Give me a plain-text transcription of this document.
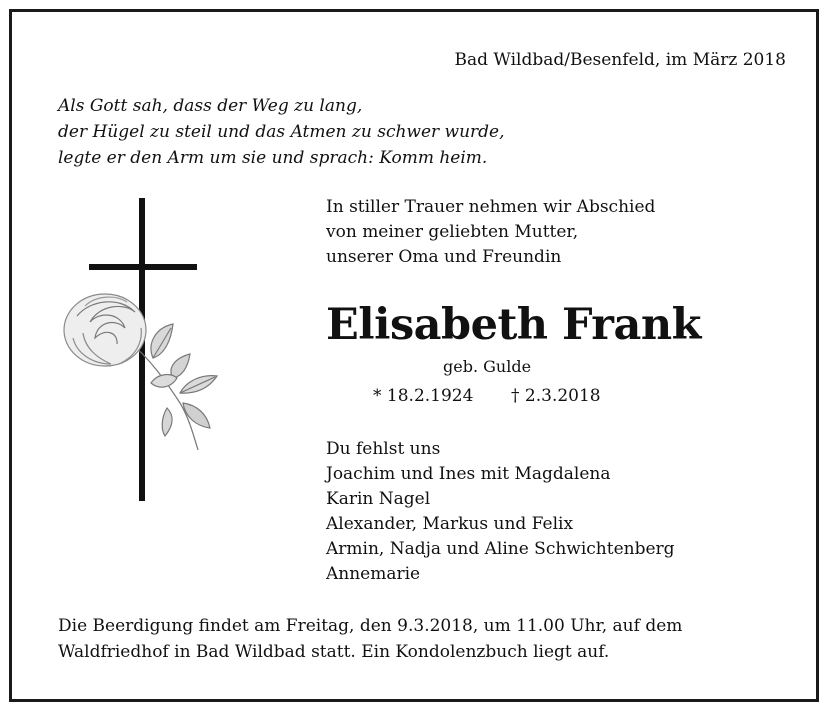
Bad Wildbad/Besenfeld, im März 2018
Als Gott sah, dass der Weg zu lang,
der Hügel zu steil und das Atmen zu schwer wurde,
legte er den Arm um sie und sprach: Komm heim.
In stiller Trauer nehmen wir Abschied
von meiner geliebten Mutter,
unserer Oma und Freundin
Elisabeth Frank
geb. Gulde
* 18.2.1924 † 2.3.2018
Du fehlst uns
Joachim und Ines mit Magdalena
Karin Nagel
Alexander, Markus und Felix
Armin, Nadja und Aline Schwichtenberg
Annemarie
Die Beerdigung findet am Freitag, den 9.3.2018, um 11.00 Uhr, auf dem
Waldfriedhof in Bad Wildbad statt. Ein Kondolenzbuch liegt auf.
